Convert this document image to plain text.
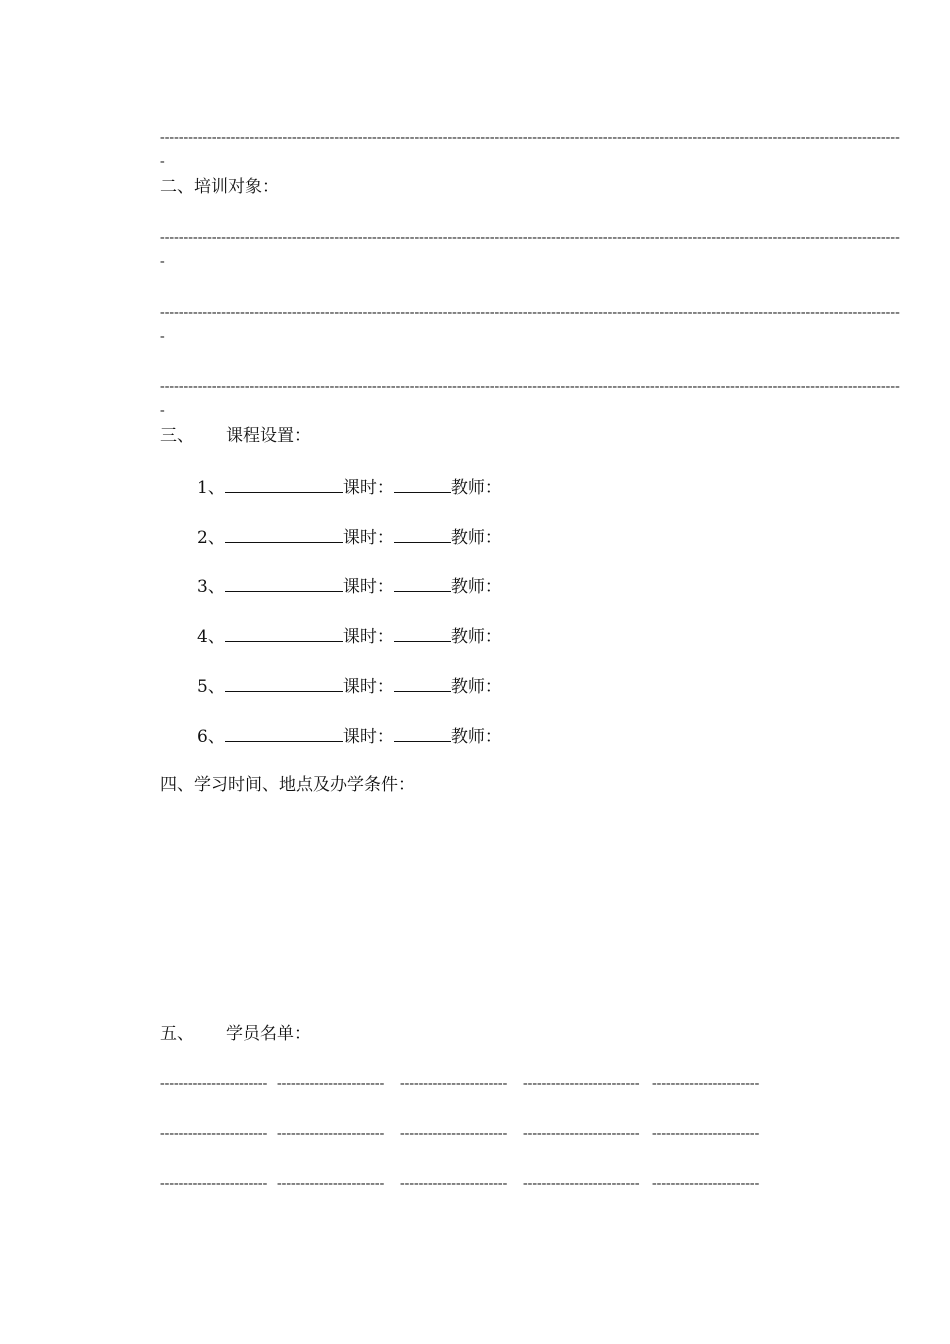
-------------------------------------------------------------------------------------------------------------------------------------------------------------
-
二、培训对象：
-------------------------------------------------------------------------------------------------------------------------------------------------------------
-
-------------------------------------------------------------------------------------------------------------------------------------------------------------
-
-------------------------------------------------------------------------------------------------------------------------------------------------------------
-
三、 课程设置：
1、	课时：	教师：
2、	课时：	教师：
3、	课时：	教师：
4、	课时：	教师：
5、	课时：	教师：
6、	课时：	教师：
四、学习时间、地点及办学条件：
五、 学员名单：
----------------------- ----------------------- ----------------------- ------------------------- -----------------------
----------------------- ----------------------- ----------------------- ------------------------- -----------------------
----------------------- ----------------------- ----------------------- ------------------------- -----------------------
